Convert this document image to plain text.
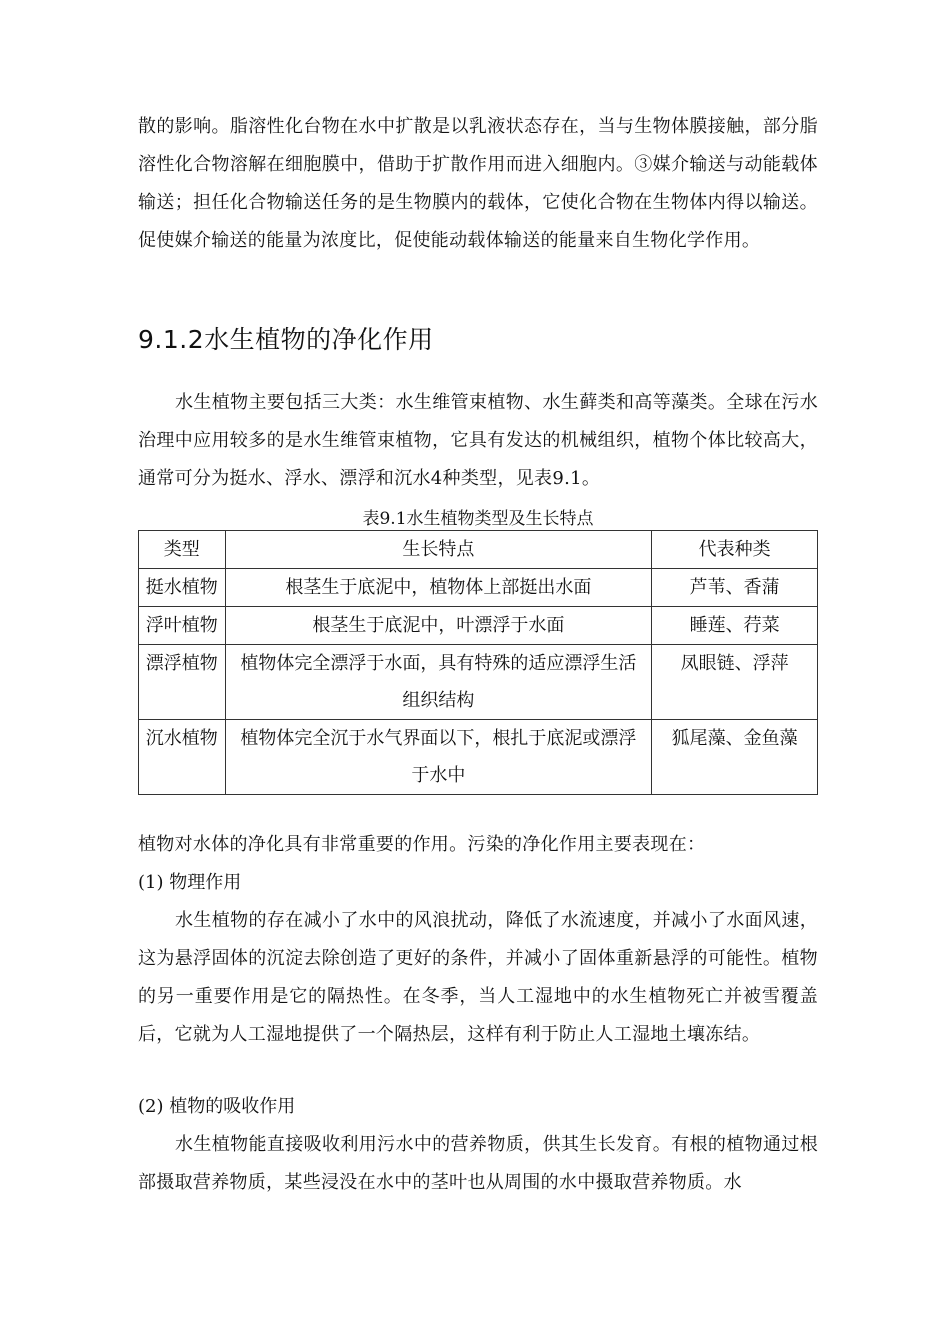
散的影响。脂溶性化台物在水中扩散是以乳液状态存在，当与生物体膜接触，部分脂溶性化合物溶解在细胞膜中，借助于扩散作用而进入细胞内。③媒介输送与动能载体输送；担任化合物输送任务的是生物膜内的载体，它使化合物在生物体内得以输送。促使媒介输送的能量为浓度比，促使能动载体输送的能量来自生物化学作用。

9.1.2水生植物的净化作用

水生植物主要包括三大类：水生维管束植物、水生藓类和高等藻类。全球在污水治理中应用较多的是水生维管束植物，它具有发达的机械组织，植物个体比较高大，通常可分为挺水、浮水、漂浮和沉水4种类型，见表9.1。

表9.1水生植物类型及生长特点
类型	生长特点	代表种类
挺水植物	根茎生于底泥中，植物体上部挺出水面	芦苇、香蒲
浮叶植物	根茎生于底泥中，叶漂浮于水面	睡莲、荇菜
漂浮植物	植物体完全漂浮于水面，具有特殊的适应漂浮生活组织结构	凤眼链、浮萍
沉水植物	植物体完全沉于水气界面以下，根扎于底泥或漂浮于水中	狐尾藻、金鱼藻

植物对水体的净化具有非常重要的作用。污染的净化作用主要表现在：

(1) 物理作用

水生植物的存在减小了水中的风浪扰动，降低了水流速度，并减小了水面风速，这为悬浮固体的沉淀去除创造了更好的条件，并减小了固体重新悬浮的可能性。植物的另一重要作用是它的隔热性。在冬季，当人工湿地中的水生植物死亡并被雪覆盖后，它就为人工湿地提供了一个隔热层，这样有利于防止人工湿地土壤冻结。

(2) 植物的吸收作用

水生植物能直接吸收利用污水中的营养物质，供其生长发育。有根的植物通过根部摄取营养物质，某些浸没在水中的茎叶也从周围的水中摄取营养物质。水
